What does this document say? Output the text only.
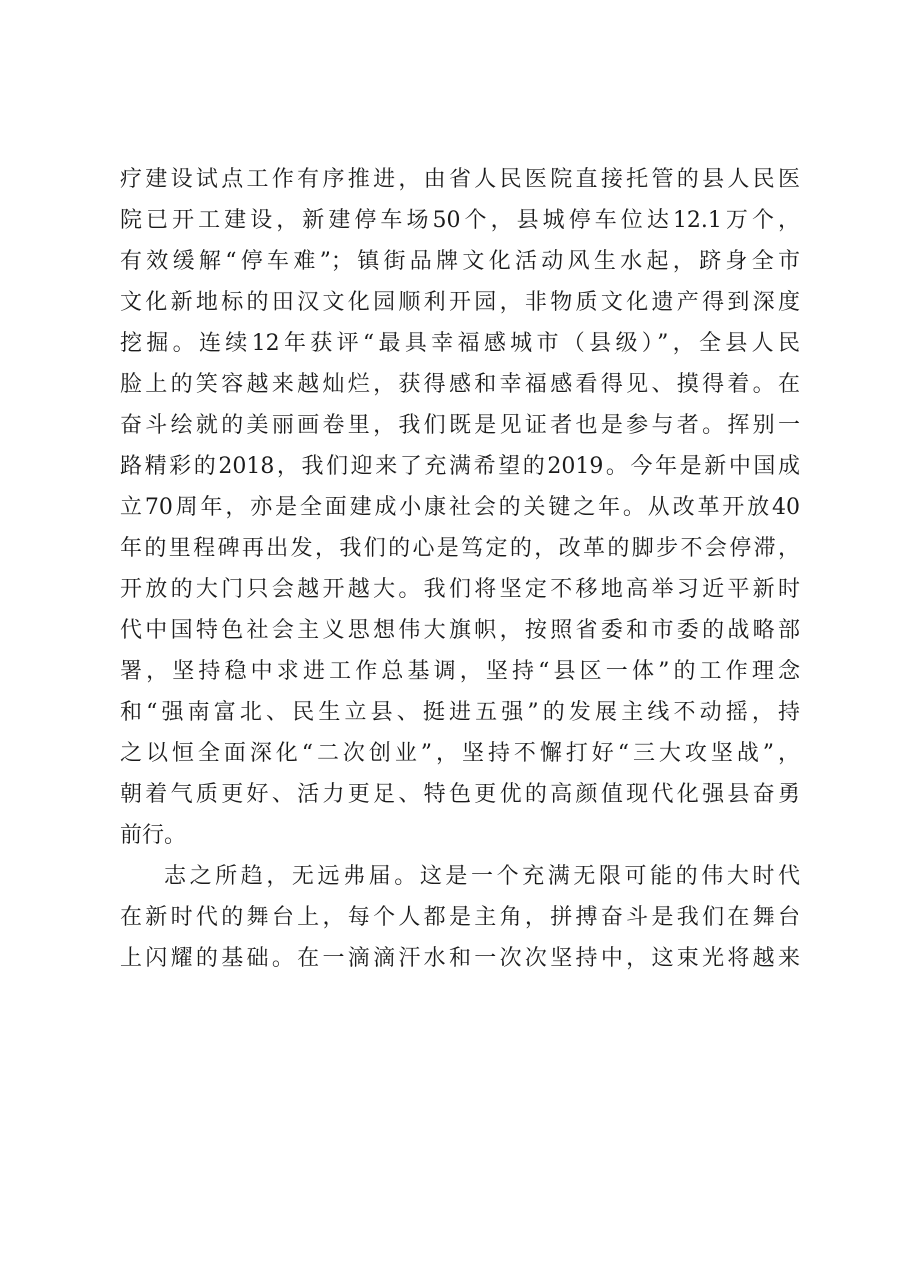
疗建设试点工作有序推进，由省人民医院直接托管的县人民医
院已开工建设，新建停车场50个，县城停车位达12.1万个，
有效缓解“停车难”；镇街品牌文化活动风生水起，跻身全市
文化新地标的田汉文化园顺利开园，非物质文化遗产得到深度
挖掘。连续12年获评“最具幸福感城市（县级）”，全县人民
脸上的笑容越来越灿烂，获得感和幸福感看得见、摸得着。在
奋斗绘就的美丽画卷里，我们既是见证者也是参与者。挥别一
路精彩的2018，我们迎来了充满希望的2019。今年是新中国成
立70周年，亦是全面建成小康社会的关键之年。从改革开放40
年的里程碑再出发，我们的心是笃定的，改革的脚步不会停滞，
开放的大门只会越开越大。我们将坚定不移地高举习近平新时
代中国特色社会主义思想伟大旗帜，按照省委和市委的战略部
署，坚持稳中求进工作总基调，坚持“县区一体”的工作理念
和“强南富北、民生立县、挺进五强”的发展主线不动摇，持
之以恒全面深化“二次创业”，坚持不懈打好“三大攻坚战”，
朝着气质更好、活力更足、特色更优的高颜值现代化强县奋勇
前行。
志之所趋，无远弗届。这是一个充满无限可能的伟大时代
在新时代的舞台上，每个人都是主角，拼搏奋斗是我们在舞台
上闪耀的基础。在一滴滴汗水和一次次坚持中，这束光将越来
